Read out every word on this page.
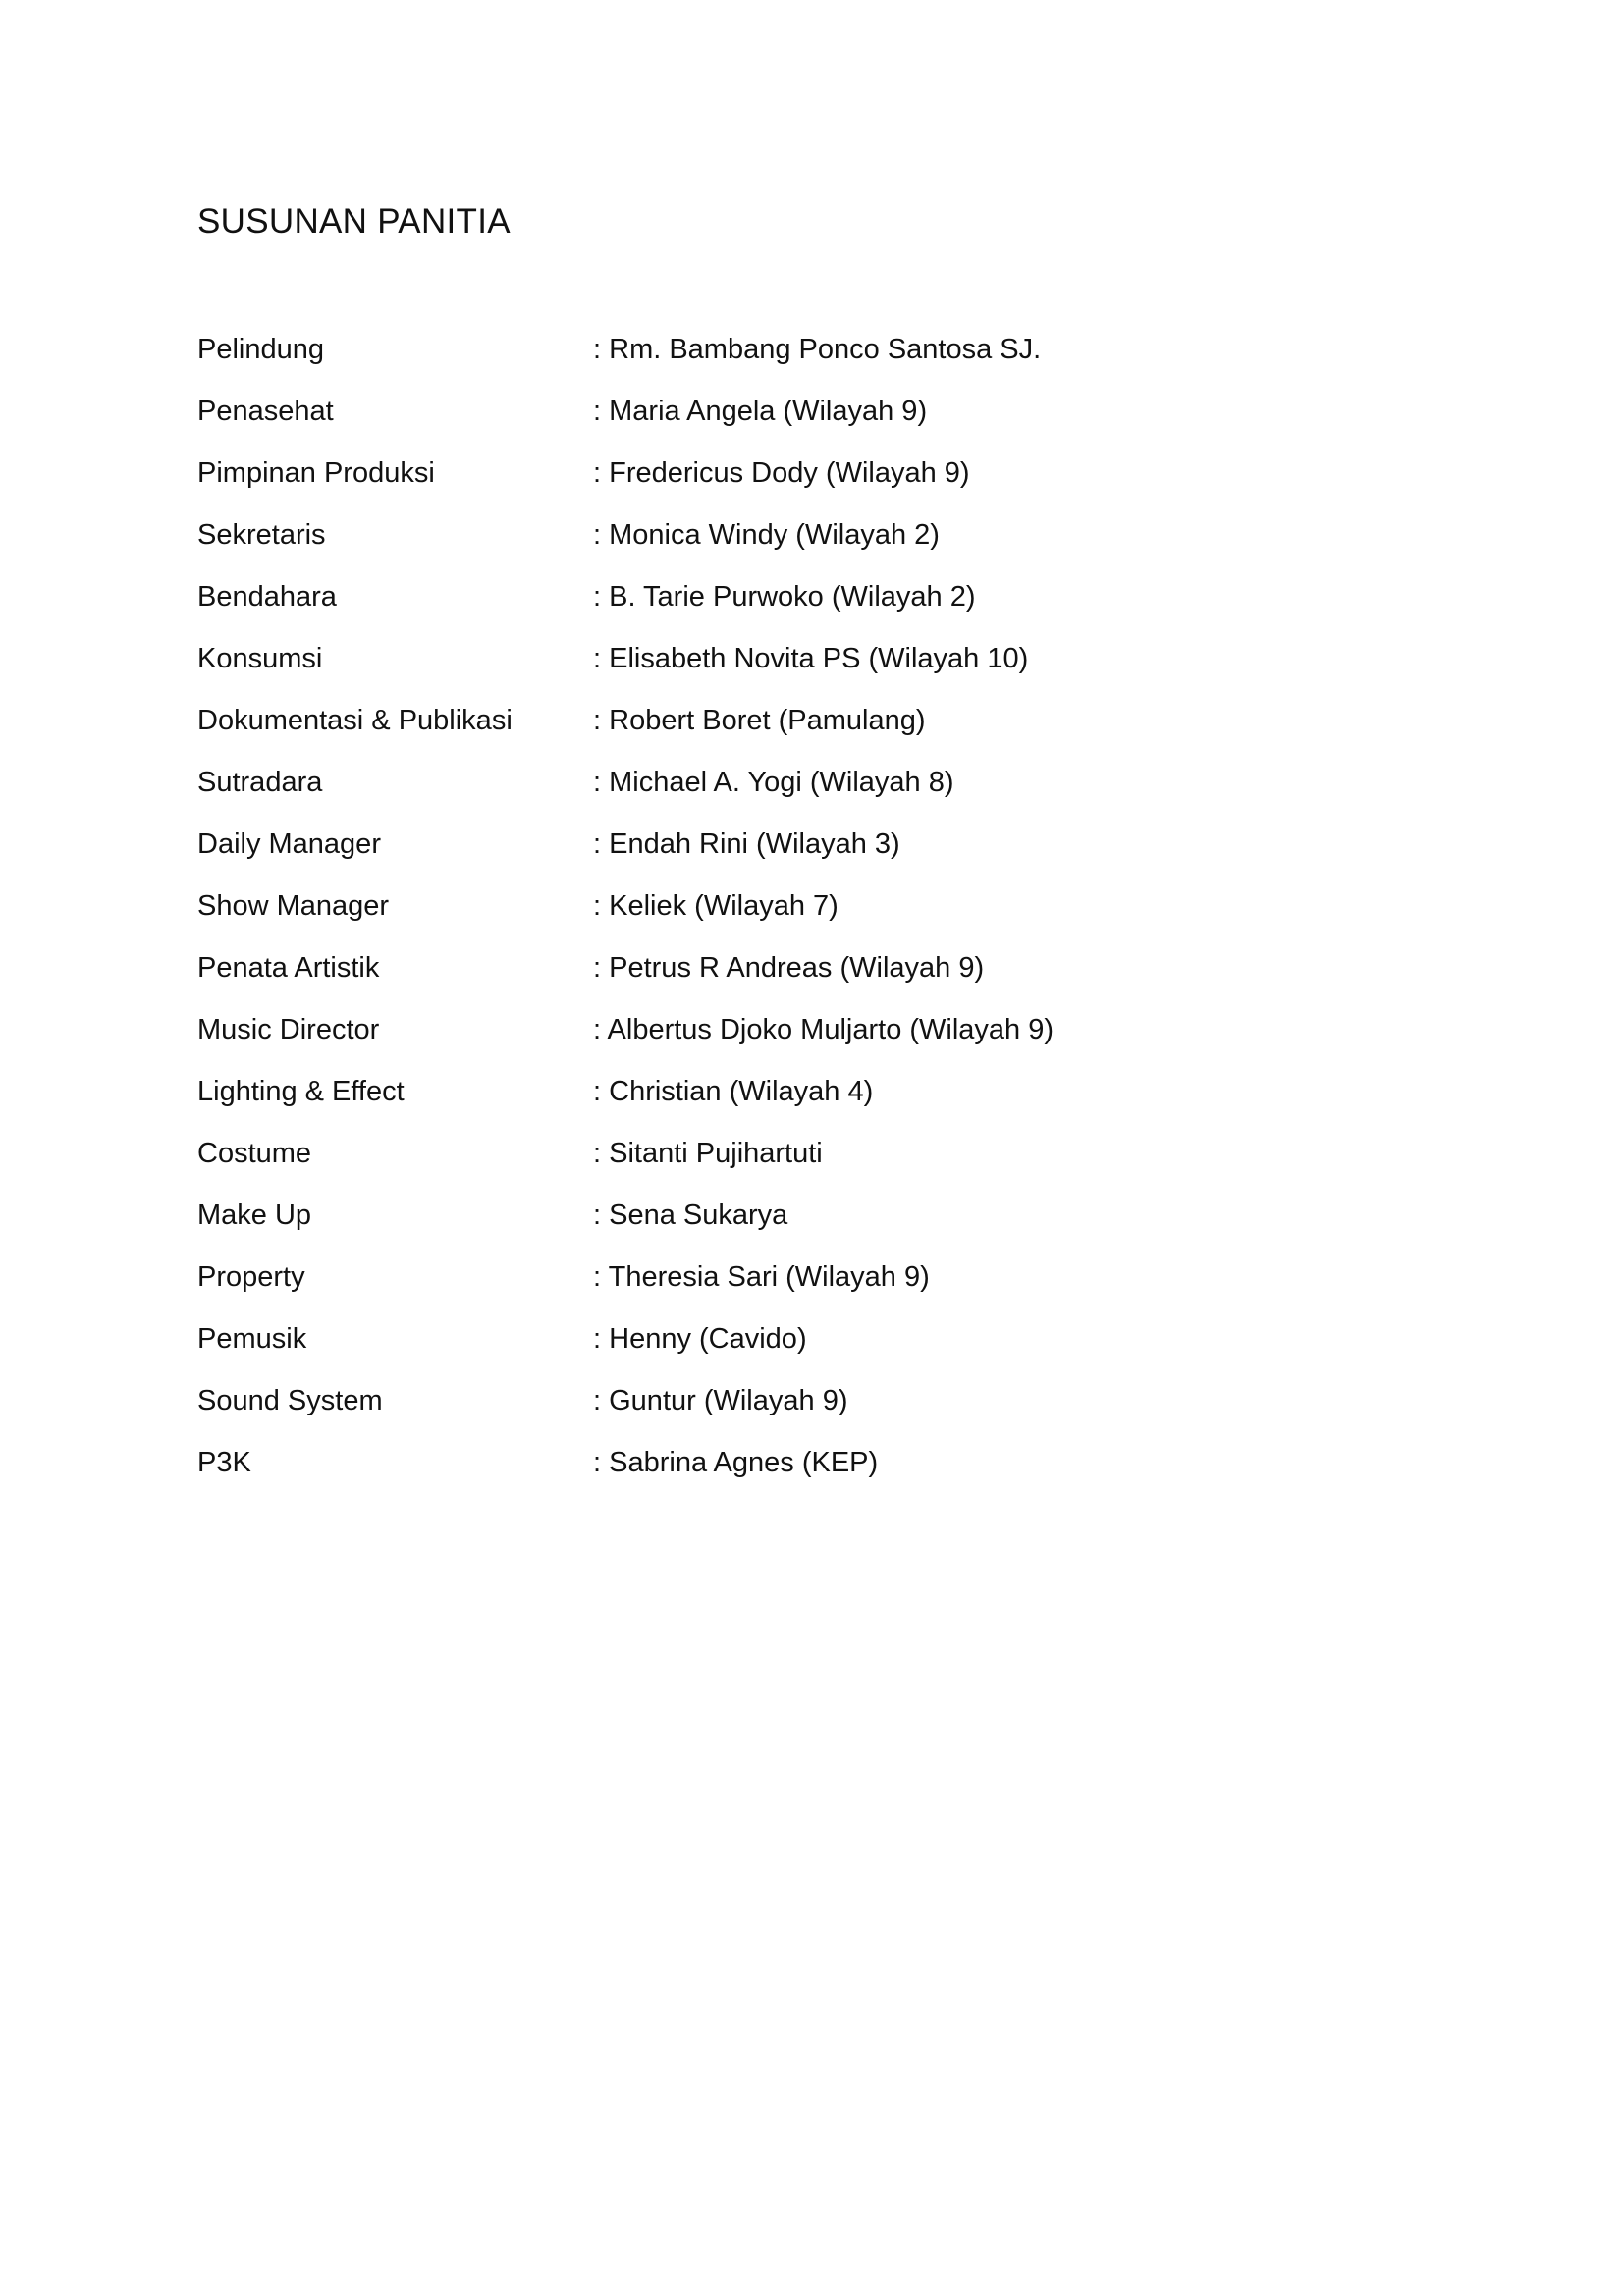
SUSUNAN PANITIA
Pelindung	: Rm. Bambang Ponco Santosa SJ.
Penasehat	: Maria Angela (Wilayah 9)
Pimpinan Produksi	: Fredericus Dody (Wilayah 9)
Sekretaris	: Monica Windy (Wilayah 2)
Bendahara	: B. Tarie Purwoko (Wilayah 2)
Konsumsi	: Elisabeth Novita PS (Wilayah 10)
Dokumentasi & Publikasi	: Robert Boret (Pamulang)
Sutradara	: Michael A. Yogi (Wilayah 8)
Daily Manager	: Endah Rini (Wilayah 3)
Show Manager	: Keliek (Wilayah 7)
Penata Artistik	: Petrus R Andreas (Wilayah 9)
Music Director	: Albertus Djoko Muljarto (Wilayah 9)
Lighting & Effect	: Christian (Wilayah 4)
Costume	: Sitanti Pujihartuti
Make Up	: Sena Sukarya
Property	: Theresia Sari (Wilayah 9)
Pemusik	: Henny (Cavido)
Sound System	: Guntur (Wilayah 9)
P3K	: Sabrina Agnes (KEP)
